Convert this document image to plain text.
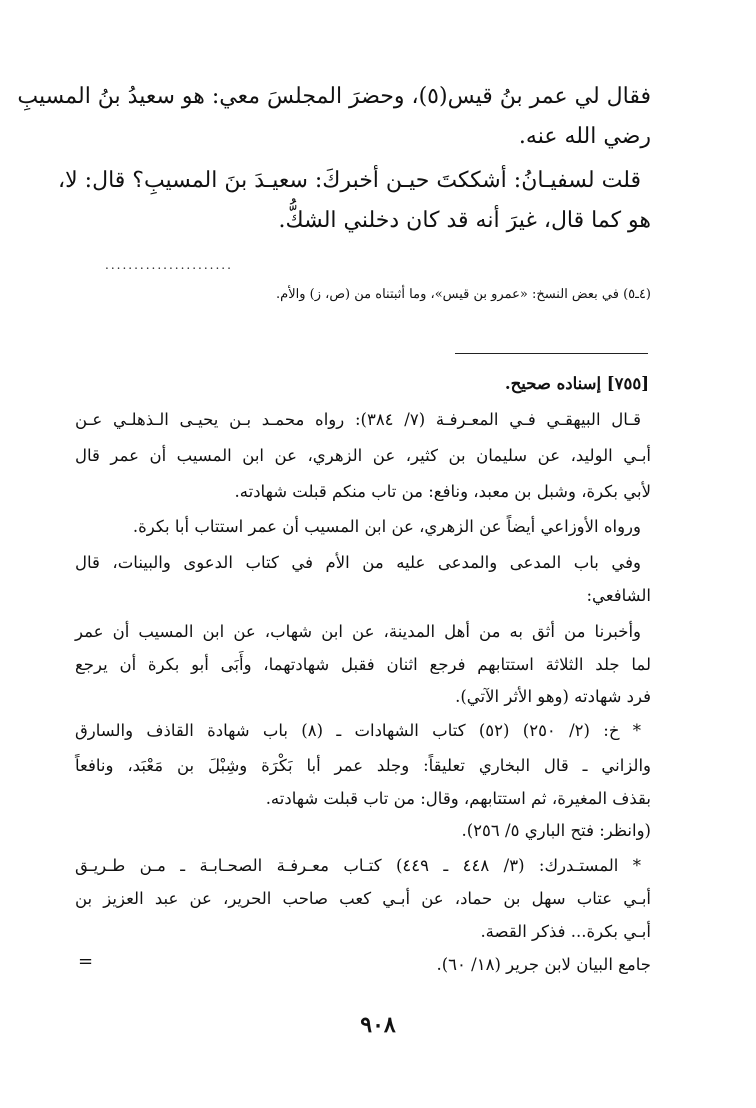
فقال لي عمر بنُ قيس(٥)، وحضرَ المجلسَ معي: هو سعيدُ بنُ المسيبِ
رضي الله عنه.
قلت لسفيـانُ: أشككتَ حيـن أخبركَ: سعيـدَ بنَ المسيبِ؟ قال: لا،
هو كما قال، غيرَ أنه قد كان دخلني الشكُّ.
......................
(٤ـ٥) في بعض النسخ: «عمرو بن قيس»، وما أثبتناه من (ص، ز) والأم.
[٧٥٥] إسناده صحيح.
قـال البيهقـي فـي المعـرفـة (٧/ ٣٨٤): رواه محمـد بـن يحيـى الـذهلـي عـن
أبـي الوليد، عن سليمان بن كثير، عن الزهري، عن ابن المسيب أن عمر قال
لأبي بكرة، وشبل بن معبد، ونافع: من تاب منكم قبلت شهادته.
ورواه الأوزاعي أيضاً عن الزهري، عن ابن المسيب أن عمر استتاب أبا بكرة.
وفي باب المدعى والمدعى عليه من الأم في كتاب الدعوى والبينات، قال
الشافعي:
وأخبرنا من أثق به من أهل المدينة، عن ابن شهاب، عن ابن المسيب أن عمر
لما جلد الثلاثة استتابهم فرجع اثنان فقبل شهادتهما، وأَبَى أبو بكرة أن يرجع
فرد شهادته (وهو الأثر الآتي).
* خ: (٢/ ٢٥٠) (٥٢) كتاب الشهادات ـ (٨) باب شهادة القاذف والسارق
والزاني ـ قال البخاري تعليقاً: وجلد عمر أبا بَكْرَة وشِبْلَ بن مَعْبَد، ونافعاً
بقذف المغيرة، ثم استتابهم، وقال: من تاب قبلت شهادته.
(وانظر: فتح الباري ٥/ ٢٥٦).
* المستـدرك: (٣/ ٤٤٨ ـ ٤٤٩) كتـاب معـرفـة الصحـابـة ـ مـن طـريـق
أبـي عتاب سهل بن حماد، عن أبـي كعب صاحب الحرير، عن عبد العزيز بن
أبـي بكرة... فذكر القصة.
جامع البيان لابن جرير (١٨/ ٦٠).
=
٩٠٨
